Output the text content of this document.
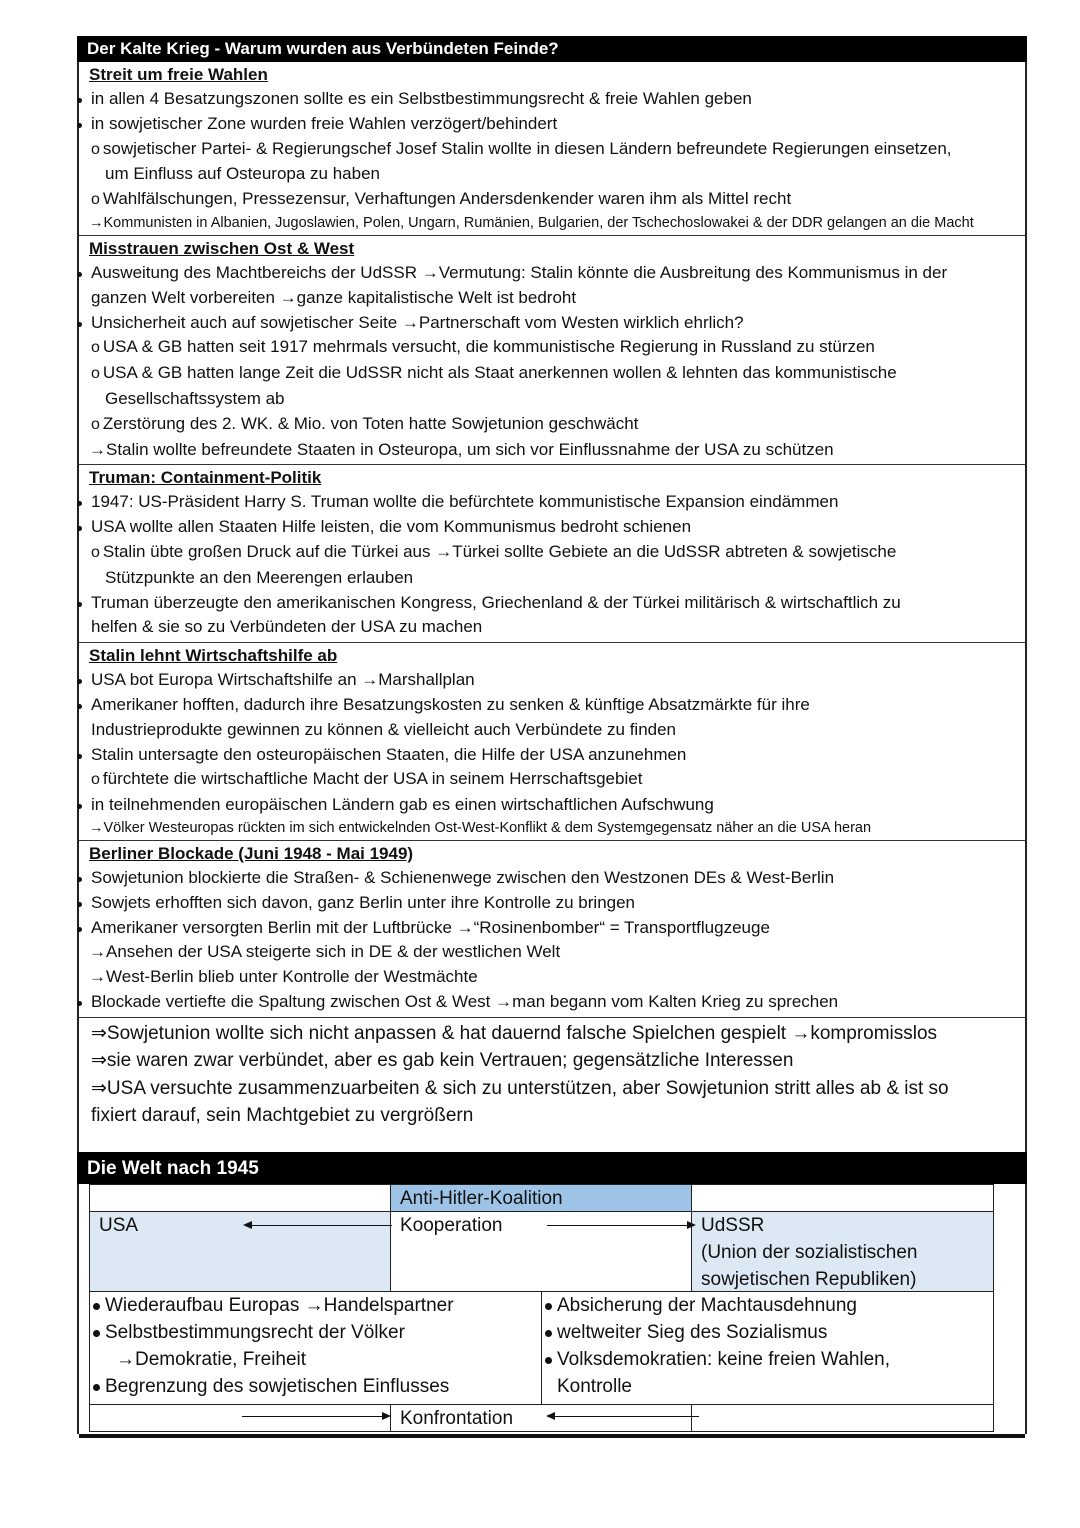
Der Kalte Krieg - Warum wurden aus Verbündeten Feinde?
Streit um freie Wahlen
in allen 4 Besatzungszonen sollte es ein Selbstbestimmungsrecht & freie Wahlen geben
in sowjetischer Zone wurden freie Wahlen verzögert/behindert
o sowjetischer Partei- & Regierungschef Josef Stalin wollte in diesen Ländern befreundete Regierungen einsetzen,
um Einfluss auf Osteuropa zu haben
o Wahlfälschungen, Pressezensur, Verhaftungen Andersdenkender waren ihm als Mittel recht
→Kommunisten in Albanien, Jugoslawien, Polen, Ungarn, Rumänien, Bulgarien, der Tschechoslowakei & der DDR gelangen an die Macht
Misstrauen zwischen Ost & West
Ausweitung des Machtbereichs der UdSSR →Vermutung: Stalin könnte die Ausbreitung des Kommunismus in der
ganzen Welt vorbereiten →ganze kapitalistische Welt ist bedroht
Unsicherheit auch auf sowjetischer Seite →Partnerschaft vom Westen wirklich ehrlich?
o USA & GB hatten seit 1917 mehrmals versucht, die kommunistische Regierung in Russland zu stürzen
o USA & GB hatten lange Zeit die UdSSR nicht als Staat anerkennen wollen & lehnten das kommunistische
Gesellschaftssystem ab
o Zerstörung des 2. WK. & Mio. von Toten hatte Sowjetunion geschwächt
→Stalin wollte befreundete Staaten in Osteuropa, um sich vor Einflussnahme der USA zu schützen
Truman: Containment-Politik
1947: US-Präsident Harry S. Truman wollte die befürchtete kommunistische Expansion eindämmen
USA wollte allen Staaten Hilfe leisten, die vom Kommunismus bedroht schienen
o Stalin übte großen Druck auf die Türkei aus →Türkei sollte Gebiete an die UdSSR abtreten & sowjetische
Stützpunkte an den Meerengen erlauben
Truman überzeugte den amerikanischen Kongress, Griechenland & der Türkei militärisch & wirtschaftlich zu
helfen & sie so zu Verbündeten der USA zu machen
Stalin lehnt Wirtschaftshilfe ab
USA bot Europa Wirtschaftshilfe an →Marshallplan
Amerikaner hofften, dadurch ihre Besatzungskosten zu senken & künftige Absatzmärkte für ihre
Industrieprodukte gewinnen zu können & vielleicht auch Verbündete zu finden
Stalin untersagte den osteuropäischen Staaten, die Hilfe der USA anzunehmen
o fürchtete die wirtschaftliche Macht der USA in seinem Herrschaftsgebiet
in teilnehmenden europäischen Ländern gab es einen wirtschaftlichen Aufschwung
→Völker Westeuropas rückten im sich entwickelnden Ost-West-Konflikt & dem Systemgegensatz näher an die USA heran
Berliner Blockade (Juni 1948 - Mai 1949)
Sowjetunion blockierte die Straßen- & Schienenwege zwischen den Westzonen DEs & West-Berlin
Sowjets erhofften sich davon, ganz Berlin unter ihre Kontrolle zu bringen
Amerikaner versorgten Berlin mit der Luftbrücke →“Rosinenbomber“ = Transportflugzeuge
→Ansehen der USA steigerte sich in DE & der westlichen Welt
→West-Berlin blieb unter Kontrolle der Westmächte
Blockade vertiefte die Spaltung zwischen Ost & West →man begann vom Kalten Krieg zu sprechen
⇒Sowjetunion wollte sich nicht anpassen & hat dauernd falsche Spielchen gespielt →kompromisslos
⇒sie waren zwar verbündet, aber es gab kein Vertrauen; gegensätzliche Interessen
⇒USA versuchte zusammenzuarbeiten & sich zu unterstützen, aber Sowjetunion stritt alles ab & ist so
fixiert darauf, sein Machtgebiet zu vergrößern
Die Welt nach 1945
Anti-Hitler-Koalition
USA	Kooperation	UdSSR
(Union der sozialistischen
sowjetischen Republiken)
Wiederaufbau Europas →Handelspartner
Selbstbestimmungsrecht der Völker
→Demokratie, Freiheit
Begrenzung des sowjetischen Einflusses
Absicherung der Machtausdehnung
weltweiter Sieg des Sozialismus
Volksdemokratien: keine freien Wahlen,
Kontrolle
Konfrontation
